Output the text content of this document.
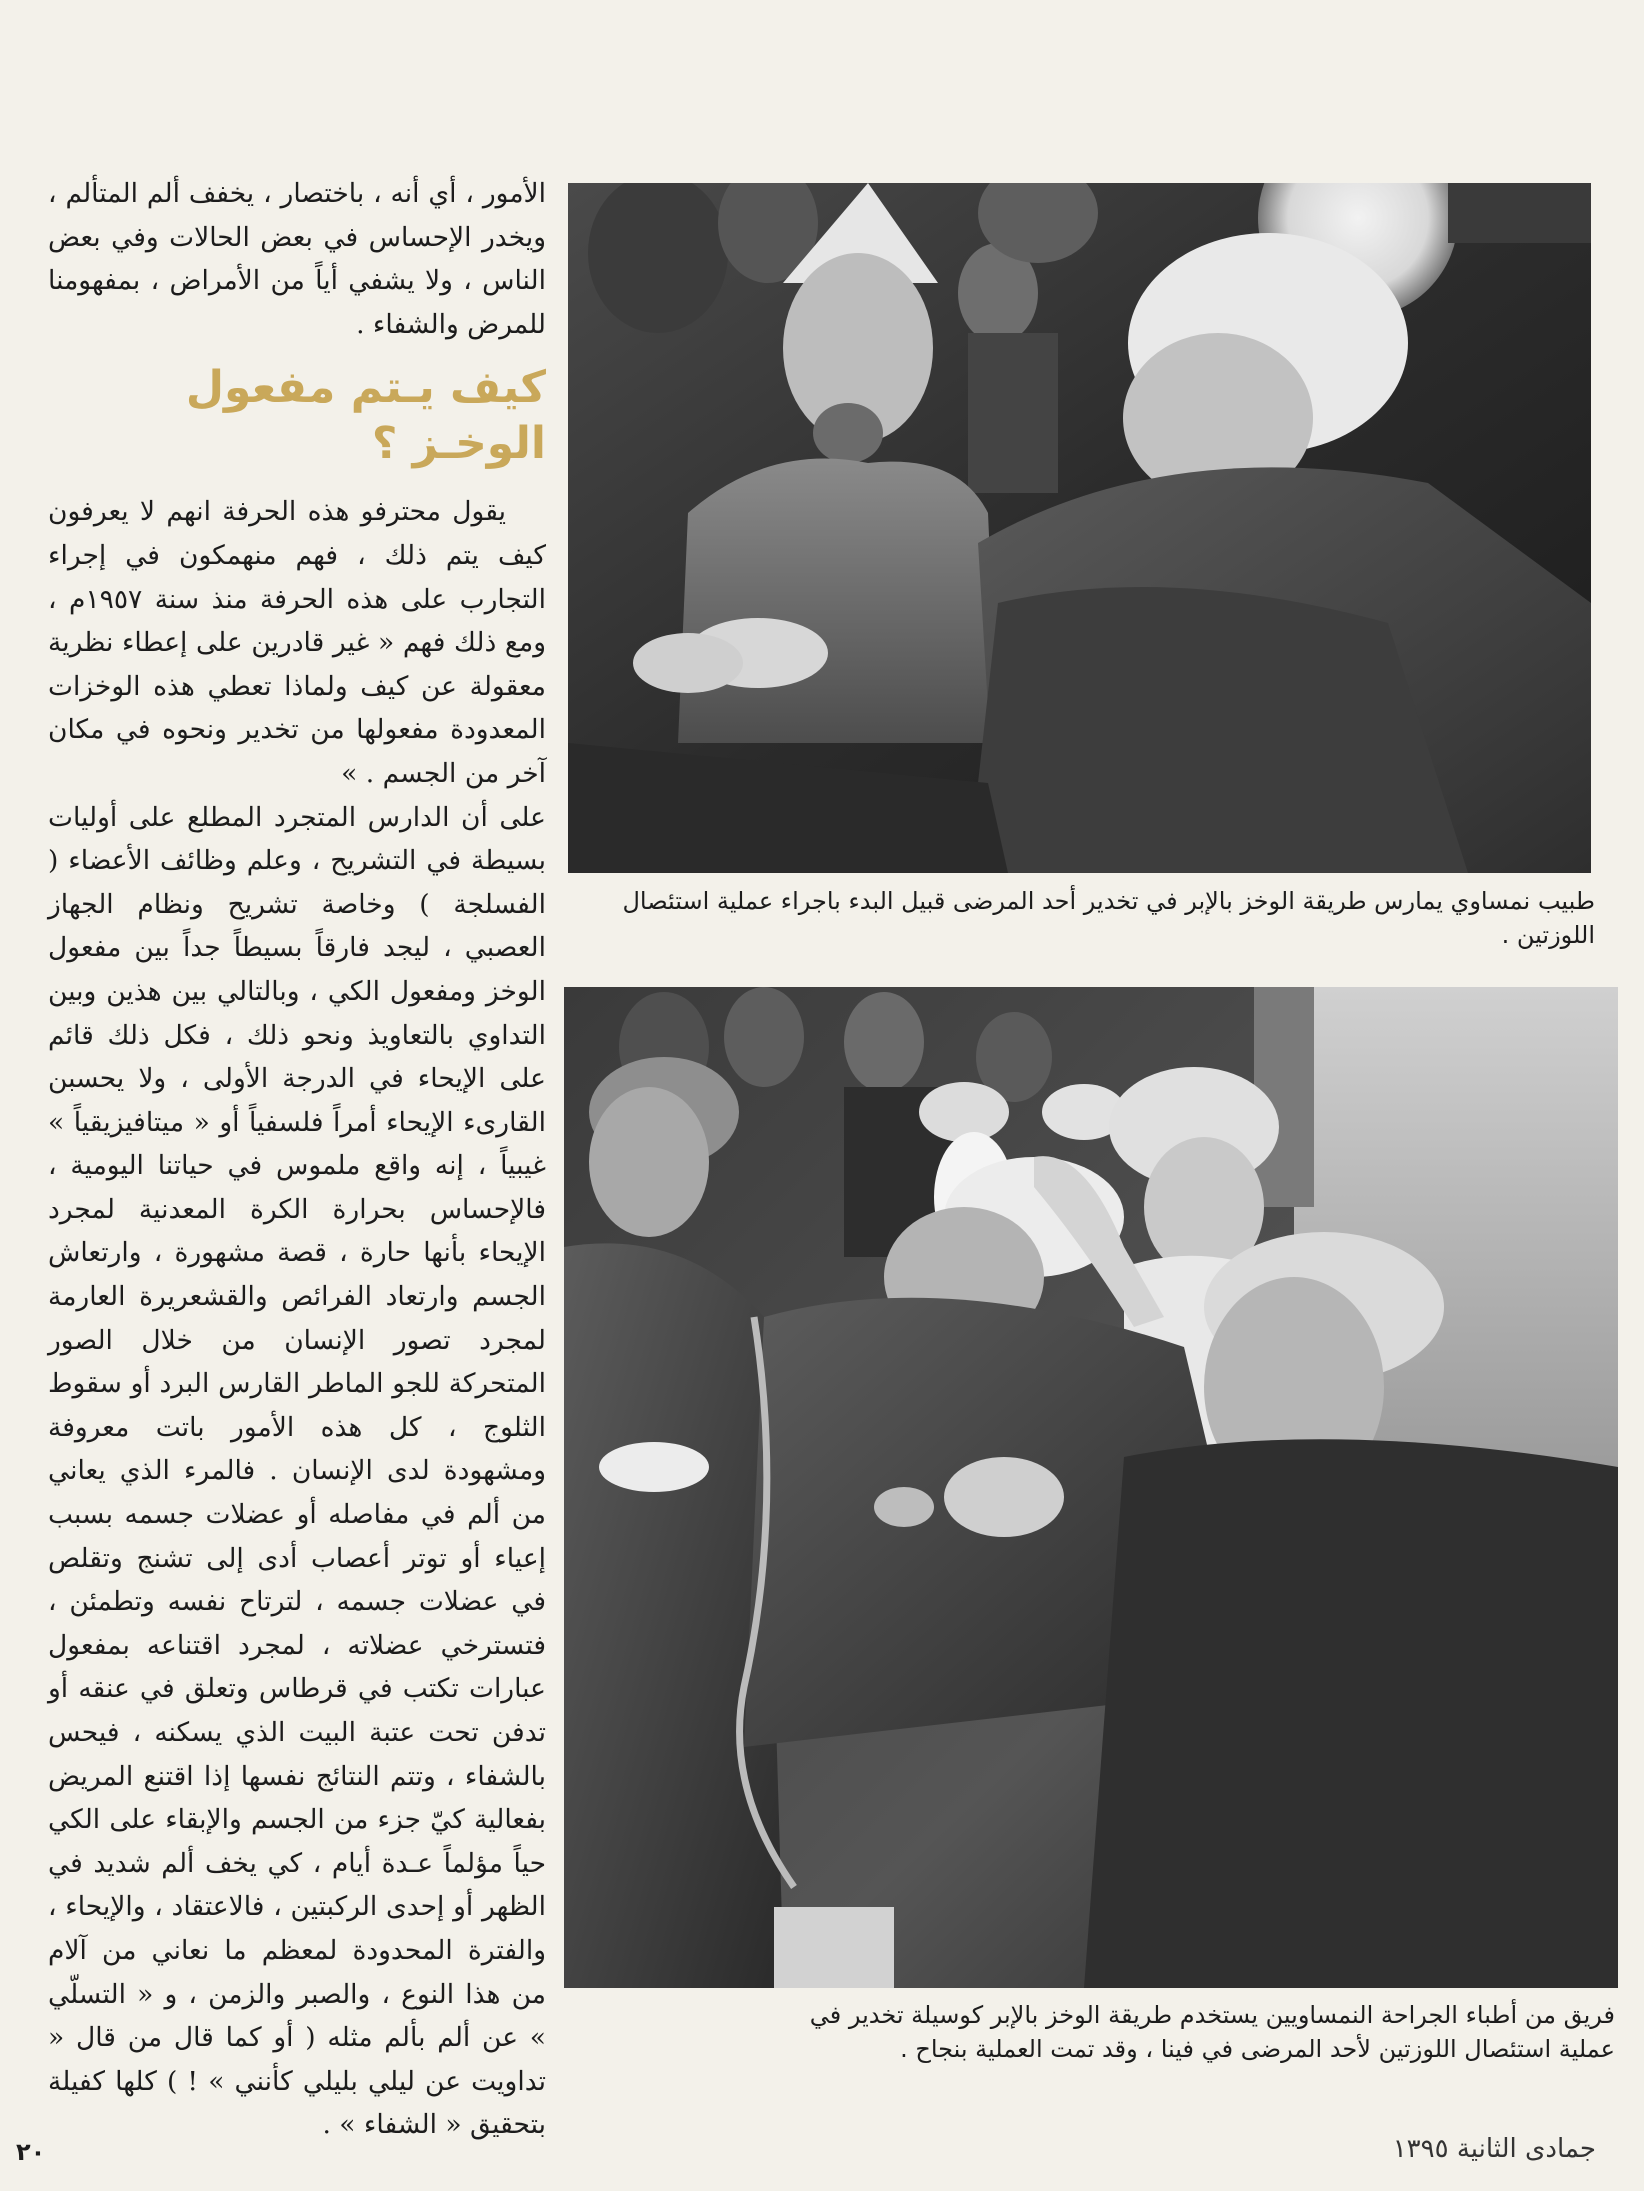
الأمور ، أي أنه ، باختصار ، يخفف ألم المتألم ، ويخدر الإحساس في بعض الحالات وفي بعض الناس ، ولا يشفي أياً من الأمراض ، بمفهومنا للمرض والشفاء .

كيف يـتم مفعول الوخـز ؟

يقول محترفو هذه الحرفة انهم لا يعرفون كيف يتم ذلك ، فهم منهمكون في إجراء التجارب على هذه الحرفة منذ سنة ١٩٥٧م ، ومع ذلك فهم « غير قادرين على إعطاء نظرية معقولة عن كيف ولماذا تعطي هذه الوخزات المعدودة مفعولها من تخدير ونحوه في مكان آخر من الجسم . »

على أن الدارس المتجرد المطلع على أوليات بسيطة في التشريح ، وعلم وظائف الأعضاء ( الفسلجة ) وخاصة تشريح ونظام الجهاز العصبي ، ليجد فارقاً بسيطاً جداً بين مفعول الوخز ومفعول الكي ، وبالتالي بين هذين وبين التداوي بالتعاويذ ونحو ذلك ، فكل ذلك قائم على الإيحاء في الدرجة الأولى ، ولا يحسبن القارىء الإيحاء أمراً فلسفياً أو « ميتافيزيقياً » غيبياً ، إنه واقع ملموس في حياتنا اليومية ، فالإحساس بحرارة الكرة المعدنية لمجرد الإيحاء بأنها حارة ، قصة مشهورة ، وارتعاش الجسم وارتعاد الفرائص والقشعريرة العارمة لمجرد تصور الإنسان من خلال الصور المتحركة للجو الماطر القارس البرد أو سقوط الثلوج ، كل هذه الأمور باتت معروفة ومشهودة لدى الإنسان . فالمرء الذي يعاني من ألم في مفاصله أو عضلات جسمه بسبب إعياء أو توتر أعصاب أدى إلى تشنج وتقلص في عضلات جسمه ، لترتاح نفسه وتطمئن ، فتسترخي عضلاته ، لمجرد اقتناعه بمفعول عبارات تكتب في قرطاس وتعلق في عنقه أو تدفن تحت عتبة البيت الذي يسكنه ، فيحس بالشفاء ، وتتم النتائج نفسها إذا اقتنع المريض بفعالية كيّ جزء من الجسم والإبقاء على الكي حياً مؤلماً عـدة أيام ، كي يخف ألم شديد في الظهر أو إحدى الركبتين ، فالاعتقاد ، والإيحاء ، والفترة المحدودة لمعظم ما نعاني من آلام من هذا النوع ، والصبر والزمن ، و « التسلّي » عن ألم بألم مثله ( أو كما قال من قال « تداويت عن ليلي بليلي كأنني » ! ) كلها كفيلة بتحقيق « الشفاء » .

طبيب نمساوي يمارس طريقة الوخز بالإبر في تخدير أحد المرضى قبيل البدء باجراء عملية استئصال اللوزتين .
فريق من أطباء الجراحة النمساويين يستخدم طريقة الوخز بالإبر كوسيلة تخدير في عملية استئصال اللوزتين لأحد المرضى في فينا ، وقد تمت العملية بنجاح .
٢٠	جمادى الثانية ١٣٩٥
